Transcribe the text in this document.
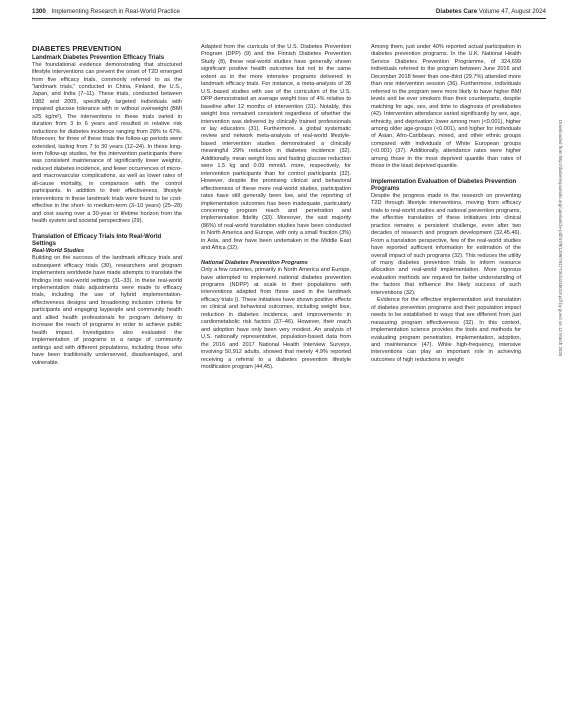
1300 Implementing Research in Real-World Practice	Diabetes Care Volume 47, August 2024
DIABETES PREVENTION
Landmark Diabetes Prevention Efficacy Trials

The foundational evidence demonstrating that structured lifestyle interventions can prevent the onset of T2D emerged from five efficacy trials, commonly referred to as the “landmark trials,” conducted in China, Finland, the U.S., Japan, and India (7–11). These trials, conducted between 1982 and 2005, specifically targeted individuals with impaired glucose tolerance with or without overweight (BMI ≥25 kg/m²). The interventions in these trials varied in duration from 3 to 6 years and resulted in relative risk reductions for diabetes incidence ranging from 28% to 67%. Moreover, for three of these trials the follow-up periods were extended, lasting from 7 to 30 years (12–24). In these long-term follow-up studies, for the intervention participants there was consistent maintenance of significantly lower weights, reduced diabetes incidence, and fewer occurrences of micro- and macrovascular complications, as well as lower rates of all-cause mortality, in comparison with the control participants. In addition to their effectiveness, lifestyle interventions in these landmark trials were found to be cost-effective in the short- to medium-term (3–10 years) (25–28) and cost saving over a 30-year or lifetime horizon from the health system and societal perspectives (29).

Translation of Efficacy Trials Into Real-World Settings
Real-World Studies

Building on the success of the landmark efficacy trials and subsequent efficacy trials (30), researchers and program implementers worldwide have made attempts to translate the findings into real-world settings (31–33). In these real-world implementation trials adjustments were made to efficacy trials, including the use of hybrid implementation-effectiveness designs and broadening inclusion criteria for participants and engaging laypeople and community health and allied health professionals for program delivery to increase the reach of programs in order to achieve public health impact. Investigators also evaluated the implementation of programs in a range of community settings and with different populations, including those who have been traditionally underserved, disadvantaged, and vulnerable.

Adapted from the curricula of the U.S. Diabetes Prevention Program (DPP) (9) and the Finnish Diabetes Prevention Study (8), these real-world studies have generally shown significant positive health outcomes but not to the same extent as in the more intensive programs delivered in landmark efficacy trials. For instance, a meta-analysis of 28 U.S.-based studies with use of the curriculum of the U.S. DPP demonstrated an average weight loss of 4% relative to baseline after 12 months of intervention (31). Notably, this weight loss remained consistent regardless of whether the intervention was delivered by clinically trained professionals or lay educators (31). Furthermore, a global systematic review and network meta-analysis of real-world lifestyle-based intervention studies demonstrated a clinically meaningful 29% reduction in diabetes incidence (32). Additionally, mean weight loss and fasting glucose reduction were 1.5 kg and 0.09 mmol/L more, respectively, for intervention participants than for control participants (32). However, despite the promising clinical and behavioral effectiveness of these more real-world studies, participation rates have still generally been low, and the reporting of implementation outcomes has been inadequate, particularly concerning program reach and penetration and implementation fidelity (33). Moreover, the vast majority (86%) of real-world translation studies have been conducted in North America and Europe, with only a small fraction (3%) in Asia, and few have been undertaken in the Middle East and Africa (32).

National Diabetes Prevention Programs

Only a few countries, primarily in North America and Europe, have attempted to implement national diabetes prevention programs (NDPP) at scale in their populations with interventions adapted from those used in the landmark efficacy trials (). These initiatives have shown positive effects on clinical and behavioral outcomes, including weight loss, reduction in diabetes incidence, and improvements in cardiometabolic risk factors (37–46). However, their reach and adoption have only been very modest. An analysis of U.S. nationally representative, population-based data from the 2016 and 2017 National Health Interview Surveys, involving 50,912 adults, showed that merely 4.9% reported receiving a referral to a diabetes prevention lifestyle modification program (44,45).

Among them, just under 40% reported actual participation in diabetes prevention programs. In the U.K. National Health Service Diabetes Prevention Programme, of 324,699 individuals referred to the program between June 2016 and December 2018 fewer than one-third (29.7%) attended more than one intervention session (36). Furthermore, individuals referred to the program were more likely to have higher BMI levels and be ever smokers than their counterparts, despite matching for age, sex, and time to diagnosis of prediabetes (42). Intervention attendance varied significantly by sex, age, ethnicity, and deprivation: lower among men (<0.001), higher among older age-groups (<0.001), and higher for individuals of Asian, Afro-Caribbean, mixed, and other ethnic groups compared with individuals of White European groups (<0.001) (37). Additionally, attendance rates were higher among those in the most deprived quantile than rates of those in the least deprived quantile.

Implementation Evaluation of Diabetes Prevention Programs

Despite the progress made in the research on preventing T2D through lifestyle interventions, moving from efficacy trials to real-world studies and national prevention programs, the effective translation of these initiatives into clinical practice remains a persistent challenge, even after two decades of research and program development (32,45,46). From a translation perspective, few of the real-world studies have reported sufficient information for estimation of the overall impact of such programs (32). This reduces the utility of many diabetes prevention trials to inform resource allocation and real-world implementation. More rigorous evaluation methods are required for better understanding of the factors that influence the likely success of such interventions (32).

Evidence for the effective implementation and translation of diabetes prevention programs and their population impact needs to be established in ways that are different from just measuring program effectiveness (32). In this context, implementation science provides the tools and methods for evaluating program penetration, implementation, adoption, and maintenance (47). While high-frequency, intensive interventions can play an important role in achieving outcomes of high reductions in weight

Downloaded from http://diabetesjournals.org/care/article-pdf/47/8/1296/791773/dci240019.pdf by guest on 12 March 2025
